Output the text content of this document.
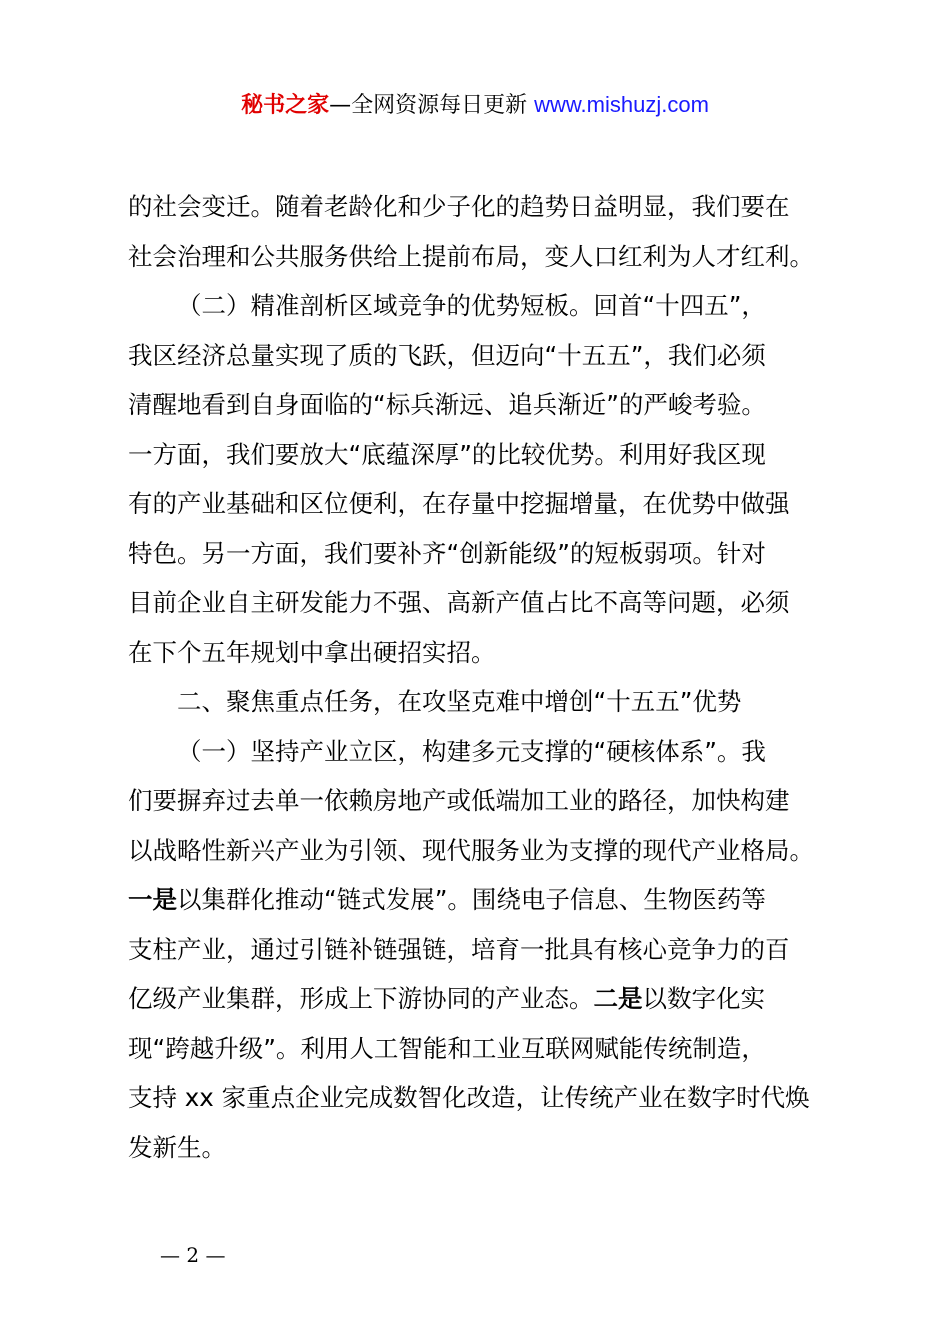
秘书之家—全网资源每日更新 www.mishuzj.com
的社会变迁。随着老龄化和少子化的趋势日益明显，我们要在
社会治理和公共服务供给上提前布局，变人口红利为人才红利。
（二）精准剖析区域竞争的优势短板。回首“十四五”，
我区经济总量实现了质的飞跃，但迈向“十五五”，我们必须
清醒地看到自身面临的“标兵渐远、追兵渐近”的严峻考验。
一方面，我们要放大“底蕴深厚”的比较优势。利用好我区现
有的产业基础和区位便利，在存量中挖掘增量，在优势中做强
特色。另一方面，我们要补齐“创新能级”的短板弱项。针对
目前企业自主研发能力不强、高新产值占比不高等问题，必须
在下个五年规划中拿出硬招实招。
二、聚焦重点任务，在攻坚克难中增创“十五五”优势
（一）坚持产业立区，构建多元支撑的“硬核体系”。我
们要摒弃过去单一依赖房地产或低端加工业的路径，加快构建
以战略性新兴产业为引领、现代服务业为支撑的现代产业格局。
一是以集群化推动“链式发展”。围绕电子信息、生物医药等
支柱产业，通过引链补链强链，培育一批具有核心竞争力的百
亿级产业集群，形成上下游协同的产业态。二是以数字化实
现“跨越升级”。利用人工智能和工业互联网赋能传统制造，
支持 xx 家重点企业完成数智化改造，让传统产业在数字时代焕
发新生。
— 2 —
